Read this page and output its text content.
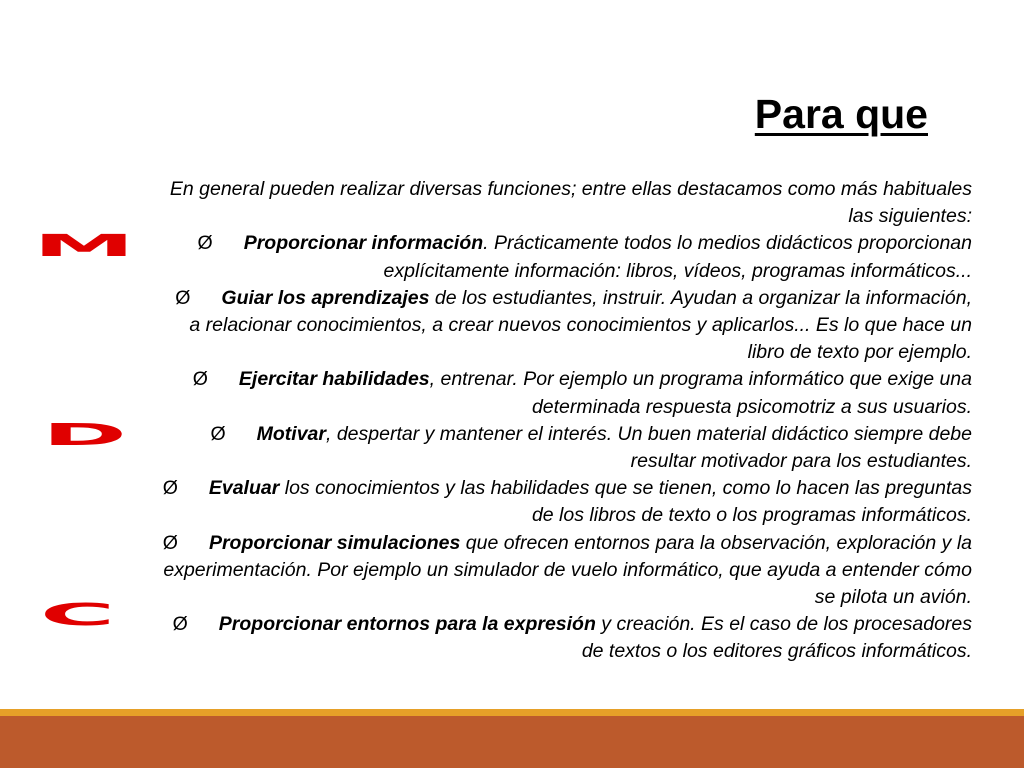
M
D
C
Para que

En general pueden realizar diversas funciones; entre ellas destacamos como más habituales las siguientes:

Ø Proporcionar información. Prácticamente todos lo medios didácticos proporcionan explícitamente información: libros, vídeos, programas informáticos...

Ø Guiar los aprendizajes de los estudiantes, instruir. Ayudan a organizar la información, a relacionar conocimientos, a crear nuevos conocimientos y aplicarlos... Es lo que hace un libro de texto por ejemplo.

Ø Ejercitar habilidades, entrenar. Por ejemplo un programa informático que exige una determinada respuesta psicomotriz a sus usuarios.

Ø Motivar, despertar y mantener el interés. Un buen material didáctico siempre debe resultar motivador para los estudiantes.

Ø Evaluar los conocimientos y las habilidades que se tienen, como lo hacen las preguntas de los libros de texto o los programas informáticos.

Ø Proporcionar simulaciones que ofrecen entornos para la observación, exploración y la experimentación. Por ejemplo un simulador de vuelo informático, que ayuda a entender cómo se pilota un avión.

Ø Proporcionar entornos para la expresión y creación. Es el caso de los procesadores de textos o los editores gráficos informáticos.
